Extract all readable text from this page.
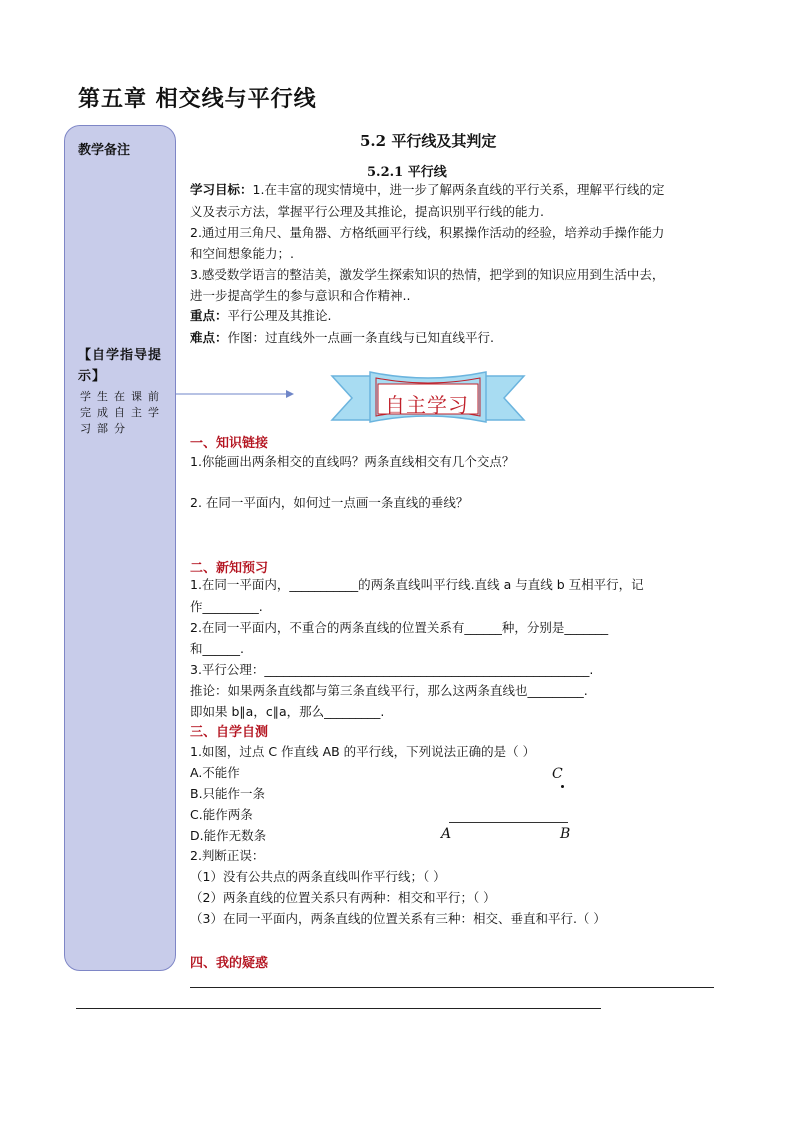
第五章 相交线与平行线
教学备注
【自学指导提示】
学生在课前完成自主学习部分
5.2 平行线及其判定
5.2.1 平行线
学习目标：1.在丰富的现实情境中，进一步了解两条直线的平行关系，理解平行线的定
义及表示方法，掌握平行公理及其推论，提高识别平行线的能力.
2.通过用三角尺、量角器、方格纸画平行线，积累操作活动的经验，培养动手操作能力
和空间想象能力；.
3.感受数学语言的整洁美，激发学生探索知识的热情，把学到的知识应用到生活中去，
进一步提高学生的参与意识和合作精神..
重点：平行公理及其推论.
难点：作图：过直线外一点画一条直线与已知直线平行.
自主学习
一、知识链接
1.你能画出两条相交的直线吗？两条直线相交有几个交点？
2. 在同一平面内，如何过一点画一条直线的垂线？
二、新知预习
1.在同一平面内，___________的两条直线叫平行线.直线 a 与直线 b 互相平行，记
作_________.
2.在同一平面内，不重合的两条直线的位置关系有______种，分别是_______
和______.
3.平行公理：____________________________________________________.
推论：如果两条直线都与第三条直线平行，那么这两条直线也_________.
即如果 b∥a，c∥a，那么_________.
三、自学自测
1.如图，过点 C 作直线 AB 的平行线，下列说法正确的是（ ）
A.不能作
B.只能作一条
C.能作两条
D.能作无数条
C
A	B
2.判断正误：
（1）没有公共点的两条直线叫作平行线；（ ）
（2）两条直线的位置关系只有两种：相交和平行；（ ）
（3）在同一平面内，两条直线的位置关系有三种：相交、垂直和平行.（ ）
四、我的疑惑
